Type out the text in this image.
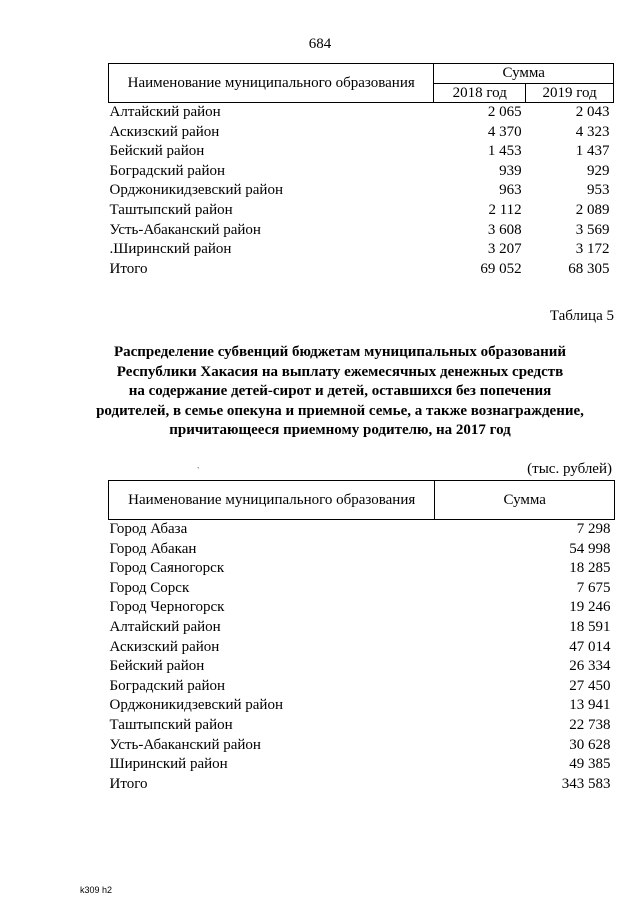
684
Наименование муниципального образования	Сумма	
	2018 год	2019 год
Алтайский район	2 065	2 043
Аскизский район	4 370	4 323
Бейский район	1 453	1 437
Боградский район	939	929
Орджоникидзевский район	963	953
Таштыпский район	2 112	2 089
Усть-Абаканский район	3 608	3 569
.Ширинский район	3 207	3 172
Итого	69 052	68 305
Таблица 5
Распределение субвенций бюджетам муниципальных образований
Республики Хакасия на выплату ежемесячных денежных средств
на содержание детей-сирот и детей, оставшихся без попечения
родителей, в семье опекуна и приемной семье, а также вознаграждение,
причитающееся приемному родителю, на 2017 год
ˋ	(тыс. рублей)
Наименование муниципального образования	Сумма
Город Абаза	7 298
Город Абакан	54 998
Город Саяногорск	18 285
Город Сорск	7 675
Город Черногорск	19 246
Алтайский район	18 591
Аскизский район	47 014
Бейский район	26 334
Боградский район	27 450
Орджоникидзевский район	13 941
Таштыпский район	22 738
Усть-Абаканский район	30 628
Ширинский район	49 385
Итого	343 583
k309 h2
